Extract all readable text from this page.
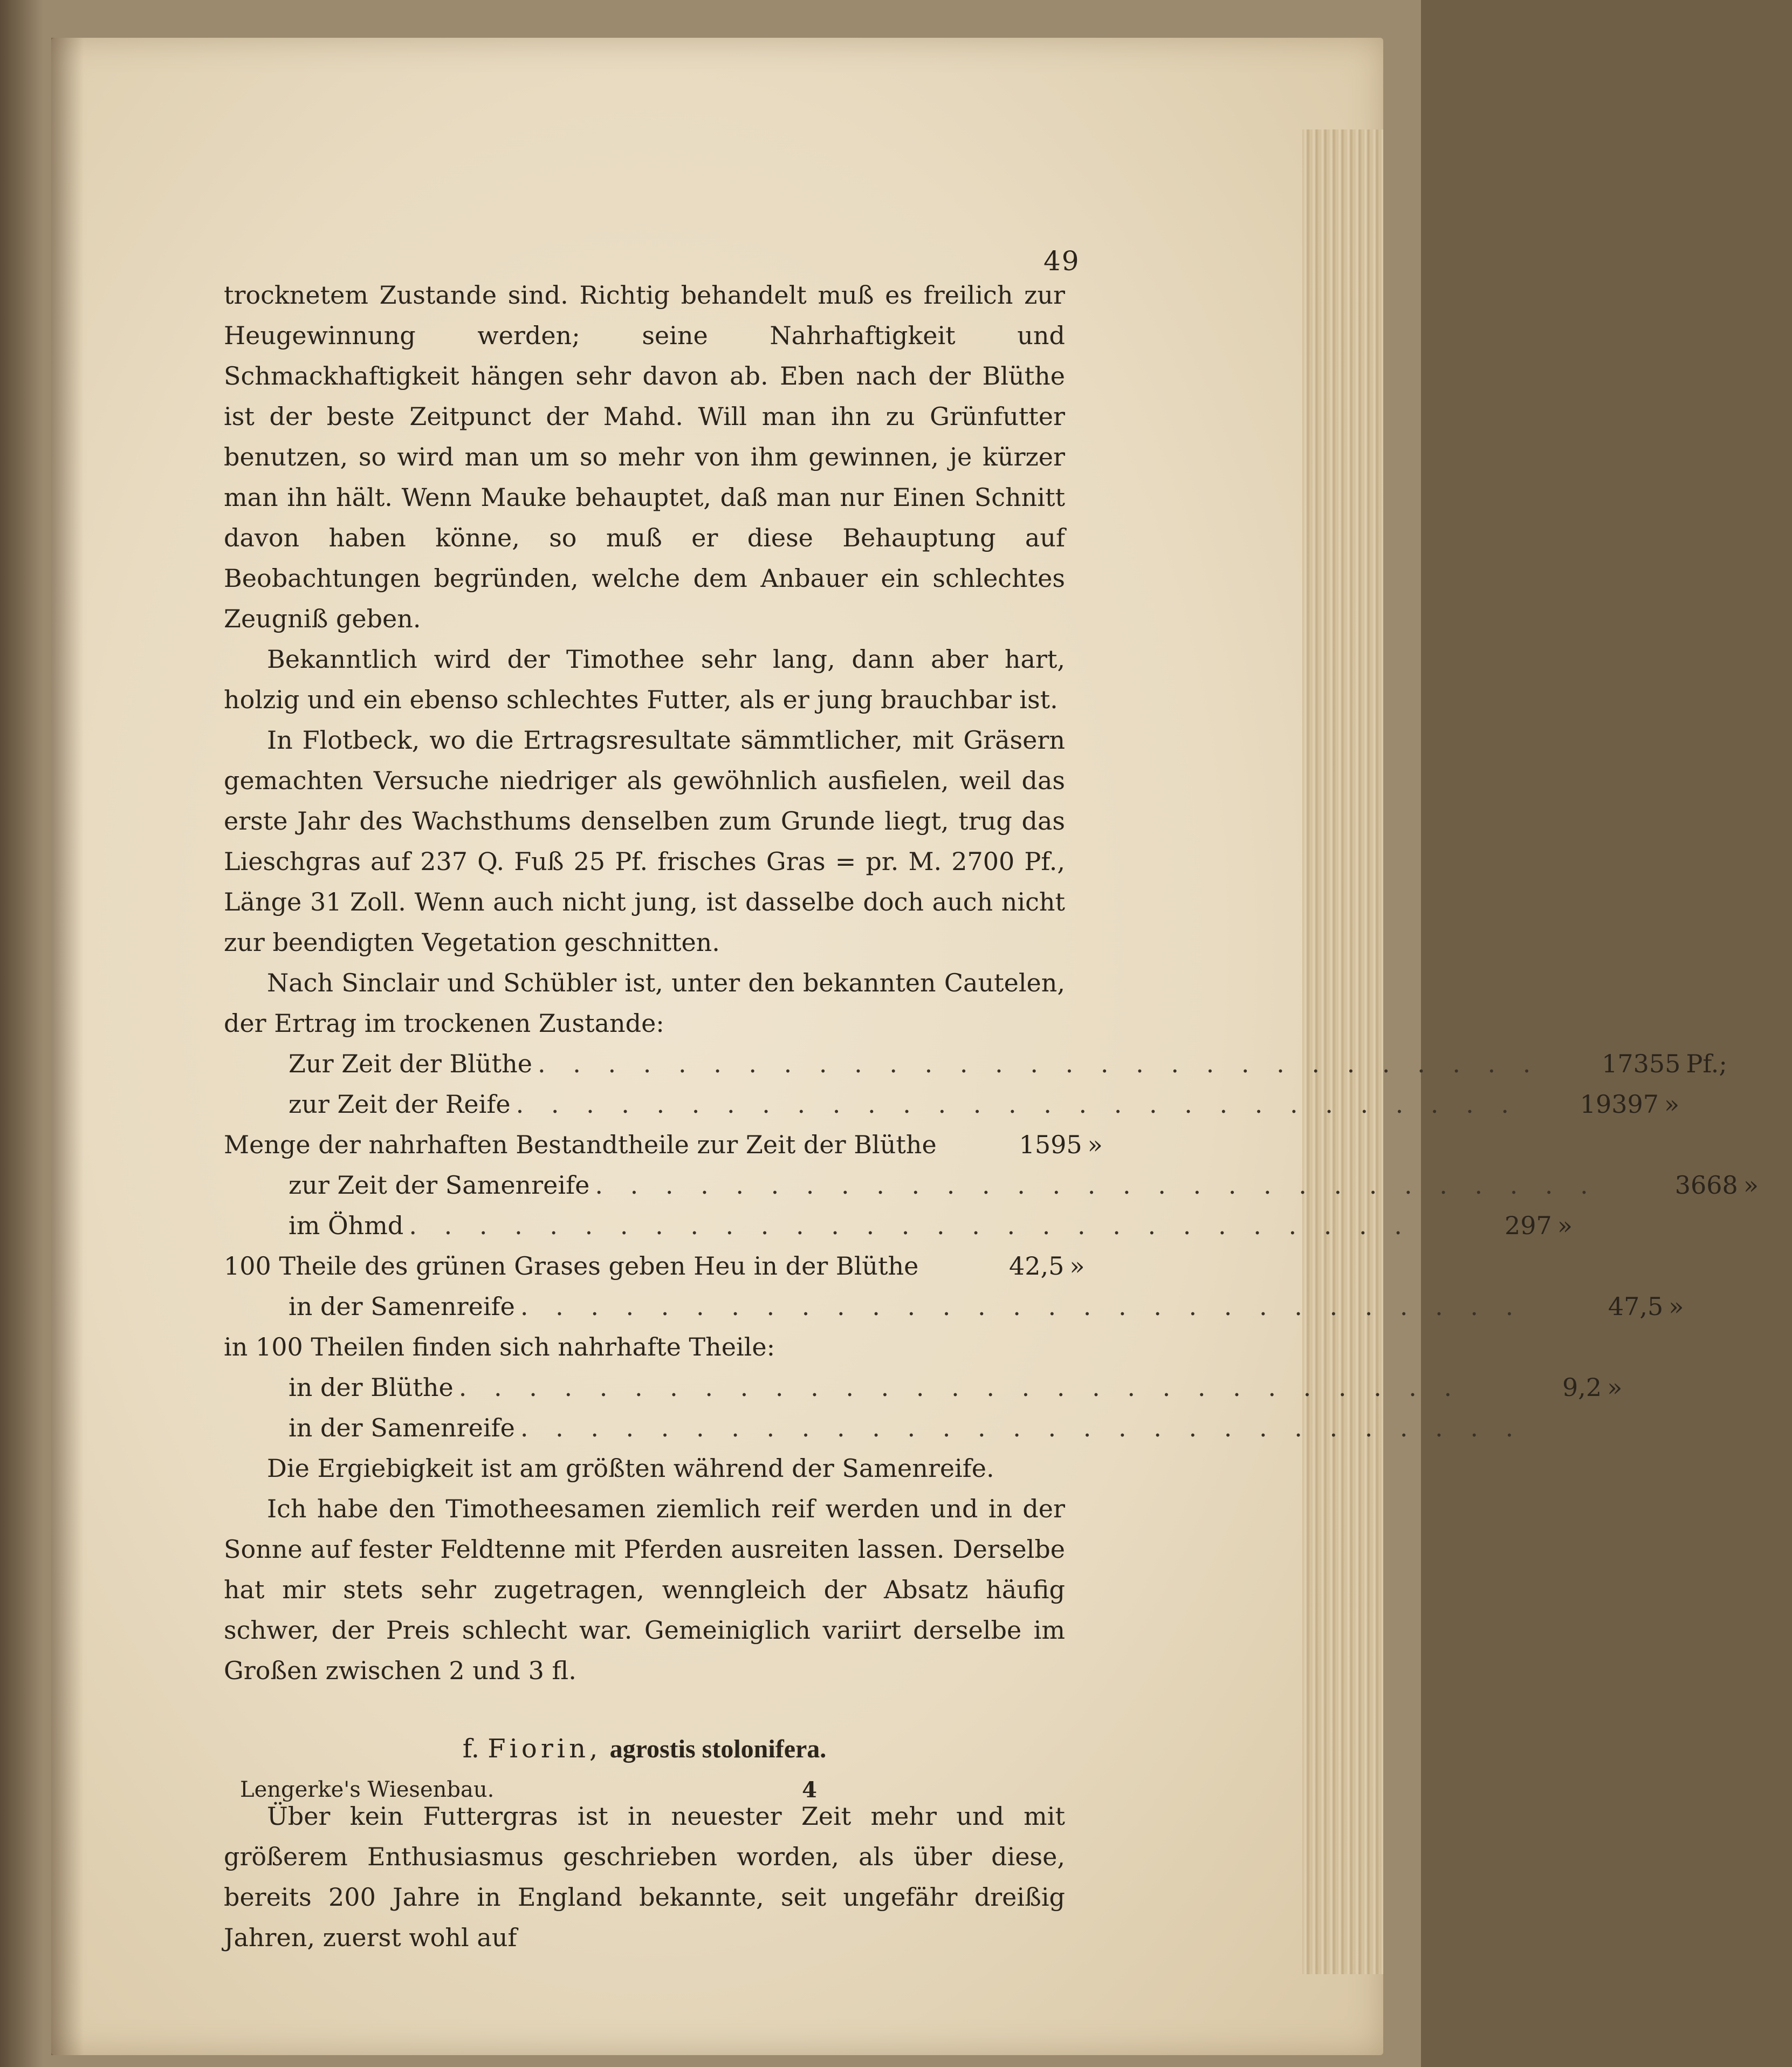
49

trocknetem Zustande sind. Richtig behandelt muß es freilich zur Heugewinnung werden; seine Nahrhaftigkeit und Schmackhaftigkeit hängen sehr davon ab. Eben nach der Blüthe ist der beste Zeitpunct der Mahd. Will man ihn zu Grünfutter benutzen, so wird man um so mehr von ihm gewinnen, je kürzer man ihn hält. Wenn Mauke behauptet, daß man nur Einen Schnitt davon haben könne, so muß er diese Behauptung auf Beobachtungen begründen, welche dem Anbauer ein schlechtes Zeugniß geben.

Bekanntlich wird der Timothee sehr lang, dann aber hart, holzig und ein ebenso schlechtes Futter, als er jung brauchbar ist.

In Flotbeck, wo die Ertragsresultate sämmtlicher, mit Gräsern gemachten Versuche niedriger als gewöhnlich ausfielen, weil das erste Jahr des Wachsthums denselben zum Grunde liegt, trug das Lieschgras auf 237 Q. Fuß 25 Pf. frisches Gras = pr. M. 2700 Pf., Länge 31 Zoll. Wenn auch nicht jung, ist dasselbe doch auch nicht zur beendigten Vegetation geschnitten.

Nach Sinclair und Schübler ist, unter den bekannten Cautelen, der Ertrag im trockenen Zustande:

Zur Zeit der Blüthe . . . . . . . . . . . . . . . . . . . . . . . . . . . . .	17355 Pf.;
zur Zeit der Reife . . . . . . . . . . . . . . . . . . . . . . . . . . . . .	19397 »
Menge der nahrhaften Bestandtheile zur Zeit der Blüthe	1595 »
zur Zeit der Samenreife . . . . . . . . . . . . . . . . . . . . . . . . . . . . .	3668 »
im Öhmd . . . . . . . . . . . . . . . . . . . . . . . . . . . . .	297 »
100 Theile des grünen Grases geben Heu in der Blüthe	42,5 »
in der Samenreife . . . . . . . . . . . . . . . . . . . . . . . . . . . . .	47,5 »
in 100 Theilen finden sich nahrhafte Theile:
in der Blüthe . . . . . . . . . . . . . . . . . . . . . . . . . . . . .	9,2 »
in der Samenreife . . . . . . . . . . . . . . . . . . . . . . . . . . . . .

Die Ergiebigkeit ist am größten während der Samenreife.

Ich habe den Timotheesamen ziemlich reif werden und in der Sonne auf fester Feldtenne mit Pferden ausreiten lassen. Derselbe hat mir stets sehr zugetragen, wenngleich der Absatz häufig schwer, der Preis schlecht war. Gemeiniglich variirt derselbe im Großen zwischen 2 und 3 fl.

f. Fiorin, agrostis stolonifera.

Über kein Futtergras ist in neuester Zeit mehr und mit größerem Enthusiasmus geschrieben worden, als über diese, bereits 200 Jahre in England bekannte, seit ungefähr dreißig Jahren, zuerst wohl auf

Lengerke's Wiesenbau.	4
